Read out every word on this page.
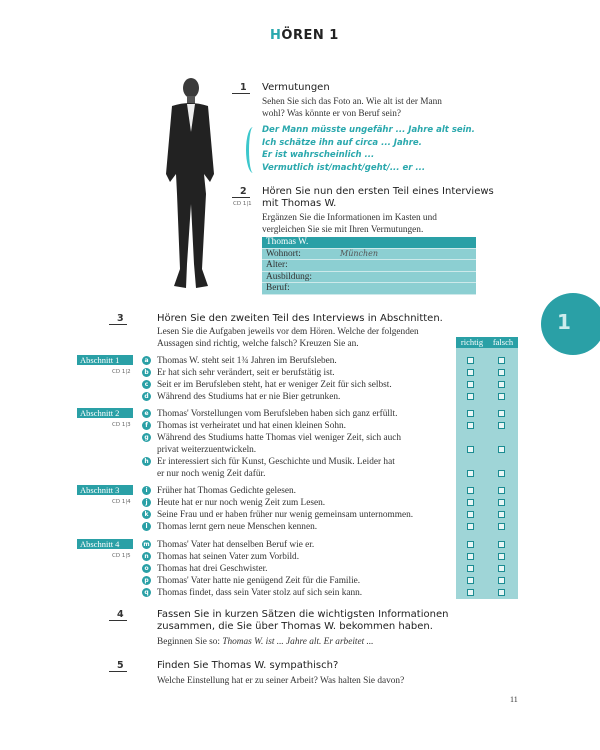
HÖREN 1
1
1	Vermutungen
Sehen Sie sich das Foto an. Wie alt ist der Mann
wohl? Was könnte er von Beruf sein?
Der Mann müsste ungefähr ... Jahre alt sein.
Ich schätze ihn auf circa ... Jahre.
Er ist wahrscheinlich ...
Vermutlich ist/macht/geht/... er ...
2
CD 1|1
Hören Sie nun den ersten Teil eines Interviews
mit Thomas W.
Ergänzen Sie die Informationen im Kasten und
vergleichen Sie sie mit Ihren Vermutungen.
Thomas W.
Wohnort:	München
Alter:
Ausbildung:
Beruf:
3	Hören Sie den zweiten Teil des Interviews in Abschnitten.
Lesen Sie die Aufgaben jeweils vor dem Hören. Welche der folgenden
Aussagen sind richtig, welche falsch? Kreuzen Sie an.	richtig falsch
Abschnitt 1
CD 1|2
a Thomas W. steht seit 1¾ Jahren im Berufsleben.
b Er hat sich sehr verändert, seit er berufstätig ist.
c Seit er im Berufsleben steht, hat er weniger Zeit für sich selbst.
d Während des Studiums hat er nie Bier getrunken.
Abschnitt 2
CD 1|3
e Thomas' Vorstellungen vom Berufsleben haben sich ganz erfüllt.
f Thomas ist verheiratet und hat einen kleinen Sohn.
g Während des Studiums hatte Thomas viel weniger Zeit, sich auch
privat weiterzuentwickeln.
h Er interessiert sich für Kunst, Geschichte und Musik. Leider hat
er nur noch wenig Zeit dafür.
Abschnitt 3
CD 1|4
i	Früher hat Thomas Gedichte gelesen.
j	Heute hat er nur noch wenig Zeit zum Lesen.
k Seine Frau und er haben früher nur wenig gemeinsam unternommen.
l	Thomas lernt gern neue Menschen kennen.
Abschnitt 4
CD 1|5
m Thomas' Vater hat denselben Beruf wie er.
n Thomas hat seinen Vater zum Vorbild.
o Thomas hat drei Geschwister.
p Thomas' Vater hatte nie genügend Zeit für die Familie.
q Thomas findet, dass sein Vater stolz auf sich sein kann.
4	Fassen Sie in kurzen Sätzen die wichtigsten Informationen
zusammen, die Sie über Thomas W. bekommen haben.
Beginnen Sie so: Thomas W. ist ... Jahre alt. Er arbeitet ...
5	Finden Sie Thomas W. sympathisch?
Welche Einstellung hat er zu seiner Arbeit? Was halten Sie davon?
11
